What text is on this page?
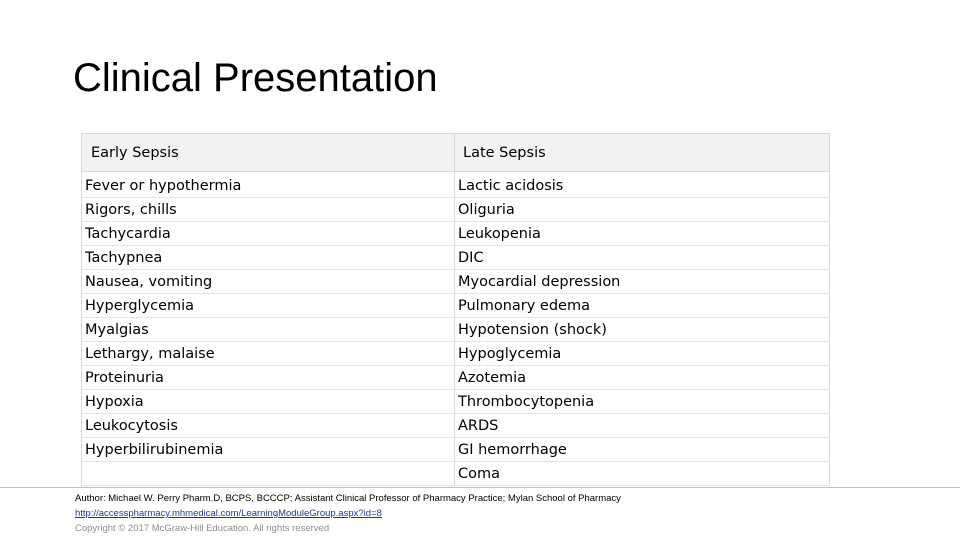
Clinical Presentation
Early Sepsis	Late Sepsis
Fever or hypothermia	Lactic acidosis
Rigors, chills	Oliguria
Tachycardia	Leukopenia
Tachypnea	DIC
Nausea, vomiting	Myocardial depression
Hyperglycemia	Pulmonary edema
Myalgias	Hypotension (shock)
Lethargy, malaise	Hypoglycemia
Proteinuria	Azotemia
Hypoxia	Thrombocytopenia
Leukocytosis	ARDS
Hyperbilirubinemia	GI hemorrhage
	Coma
Author: Michael W. Perry Pharm.D, BCPS, BCCCP; Assistant Clinical Professor of Pharmacy Practice; Mylan School of Pharmacy
http://accesspharmacy.mhmedical.com/LearningModuleGroup.aspx?id=8
Copyright © 2017 McGraw-Hill Education. All rights reserved
